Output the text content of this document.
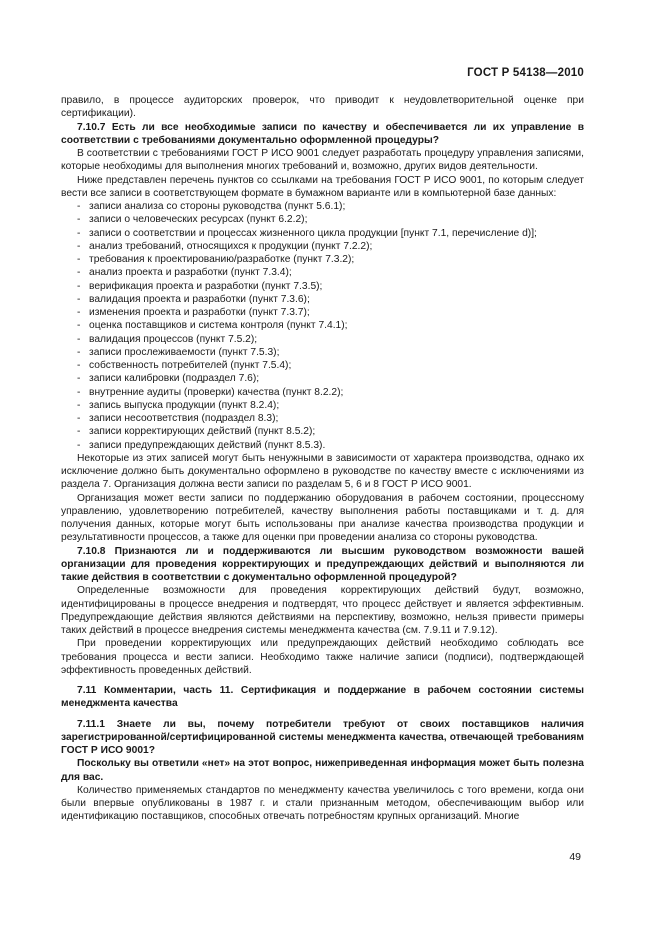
ГОСТ Р 54138—2010

правило, в процессе аудиторских проверок, что приводит к неудовлетворительной оценке при сертификации).

7.10.7 Есть ли все необходимые записи по качеству и обеспечивается ли их управление в соответствии с требованиями документально оформленной процедуры?

В соответствии с требованиями ГОСТ Р ИСО 9001 следует разработать процедуру управления записями, которые необходимы для выполнения многих требований и, возможно, других видов деятельности.

Ниже представлен перечень пунктов со ссылками на требования ГОСТ Р ИСО 9001, по которым следует вести все записи в соответствующем формате в бумажном варианте или в компьютерной базе данных:

- записи анализа со стороны руководства (пункт 5.6.1);
- записи о человеческих ресурсах (пункт 6.2.2);
- записи о соответствии и процессах жизненного цикла продукции [пункт 7.1, перечисление d)];
- анализ требований, относящихся к продукции (пункт 7.2.2);
- требования к проектированию/разработке (пункт 7.3.2);
- анализ проекта и разработки (пункт 7.3.4);
- верификация проекта и разработки (пункт 7.3.5);
- валидация проекта и разработки (пункт 7.3.6);
- изменения проекта и разработки (пункт 7.3.7);
- оценка поставщиков и система контроля (пункт 7.4.1);
- валидация процессов (пункт 7.5.2);
- записи прослеживаемости (пункт 7.5.3);
- собственность потребителей (пункт 7.5.4);
- записи калибровки (подраздел 7.6);
- внутренние аудиты (проверки) качества (пункт 8.2.2);
- запись выпуска продукции (пункт 8.2.4);
- записи несоответствия (подраздел 8.3);
- записи корректирующих действий (пункт 8.5.2);
- записи предупреждающих действий (пункт 8.5.3).

Некоторые из этих записей могут быть ненужными в зависимости от характера производства, однако их исключение должно быть документально оформлено в руководстве по качеству вместе с исключениями из раздела 7. Организация должна вести записи по разделам 5, 6 и 8 ГОСТ Р ИСО 9001.

Организация может вести записи по поддержанию оборудования в рабочем состоянии, процессному управлению, удовлетворению потребителей, качеству выполнения работы поставщиками и т. д. для получения данных, которые могут быть использованы при анализе качества производства продукции и результативности процессов, а также для оценки при проведении анализа со стороны руководства.

7.10.8 Признаются ли и поддерживаются ли высшим руководством возможности вашей организации для проведения корректирующих и предупреждающих действий и выполняются ли такие действия в соответствии с документально оформленной процедурой?

Определенные возможности для проведения корректирующих действий будут, возможно, идентифицированы в процессе внедрения и подтвердят, что процесс действует и является эффективным. Предупреждающие действия являются действиями на перспективу, возможно, нельзя привести примеры таких действий в процессе внедрения системы менеджмента качества (см. 7.9.11 и 7.9.12).

При проведении корректирующих или предупреждающих действий необходимо соблюдать все требования процесса и вести записи. Необходимо также наличие записи (подписи), подтверждающей эффективность проведенных действий.

7.11 Комментарии, часть 11. Сертификация и поддержание в рабочем состоянии системы менеджмента качества

7.11.1 Знаете ли вы, почему потребители требуют от своих поставщиков наличия зарегистрированной/сертифицированной системы менеджмента качества, отвечающей требованиям ГОСТ Р ИСО 9001?

Поскольку вы ответили «нет» на этот вопрос, нижеприведенная информация может быть полезна для вас.

Количество применяемых стандартов по менеджменту качества увеличилось с того времени, когда они были впервые опубликованы в 1987 г. и стали признанным методом, обеспечивающим выбор или идентификацию поставщиков, способных отвечать потребностям крупных организаций. Многие

49
